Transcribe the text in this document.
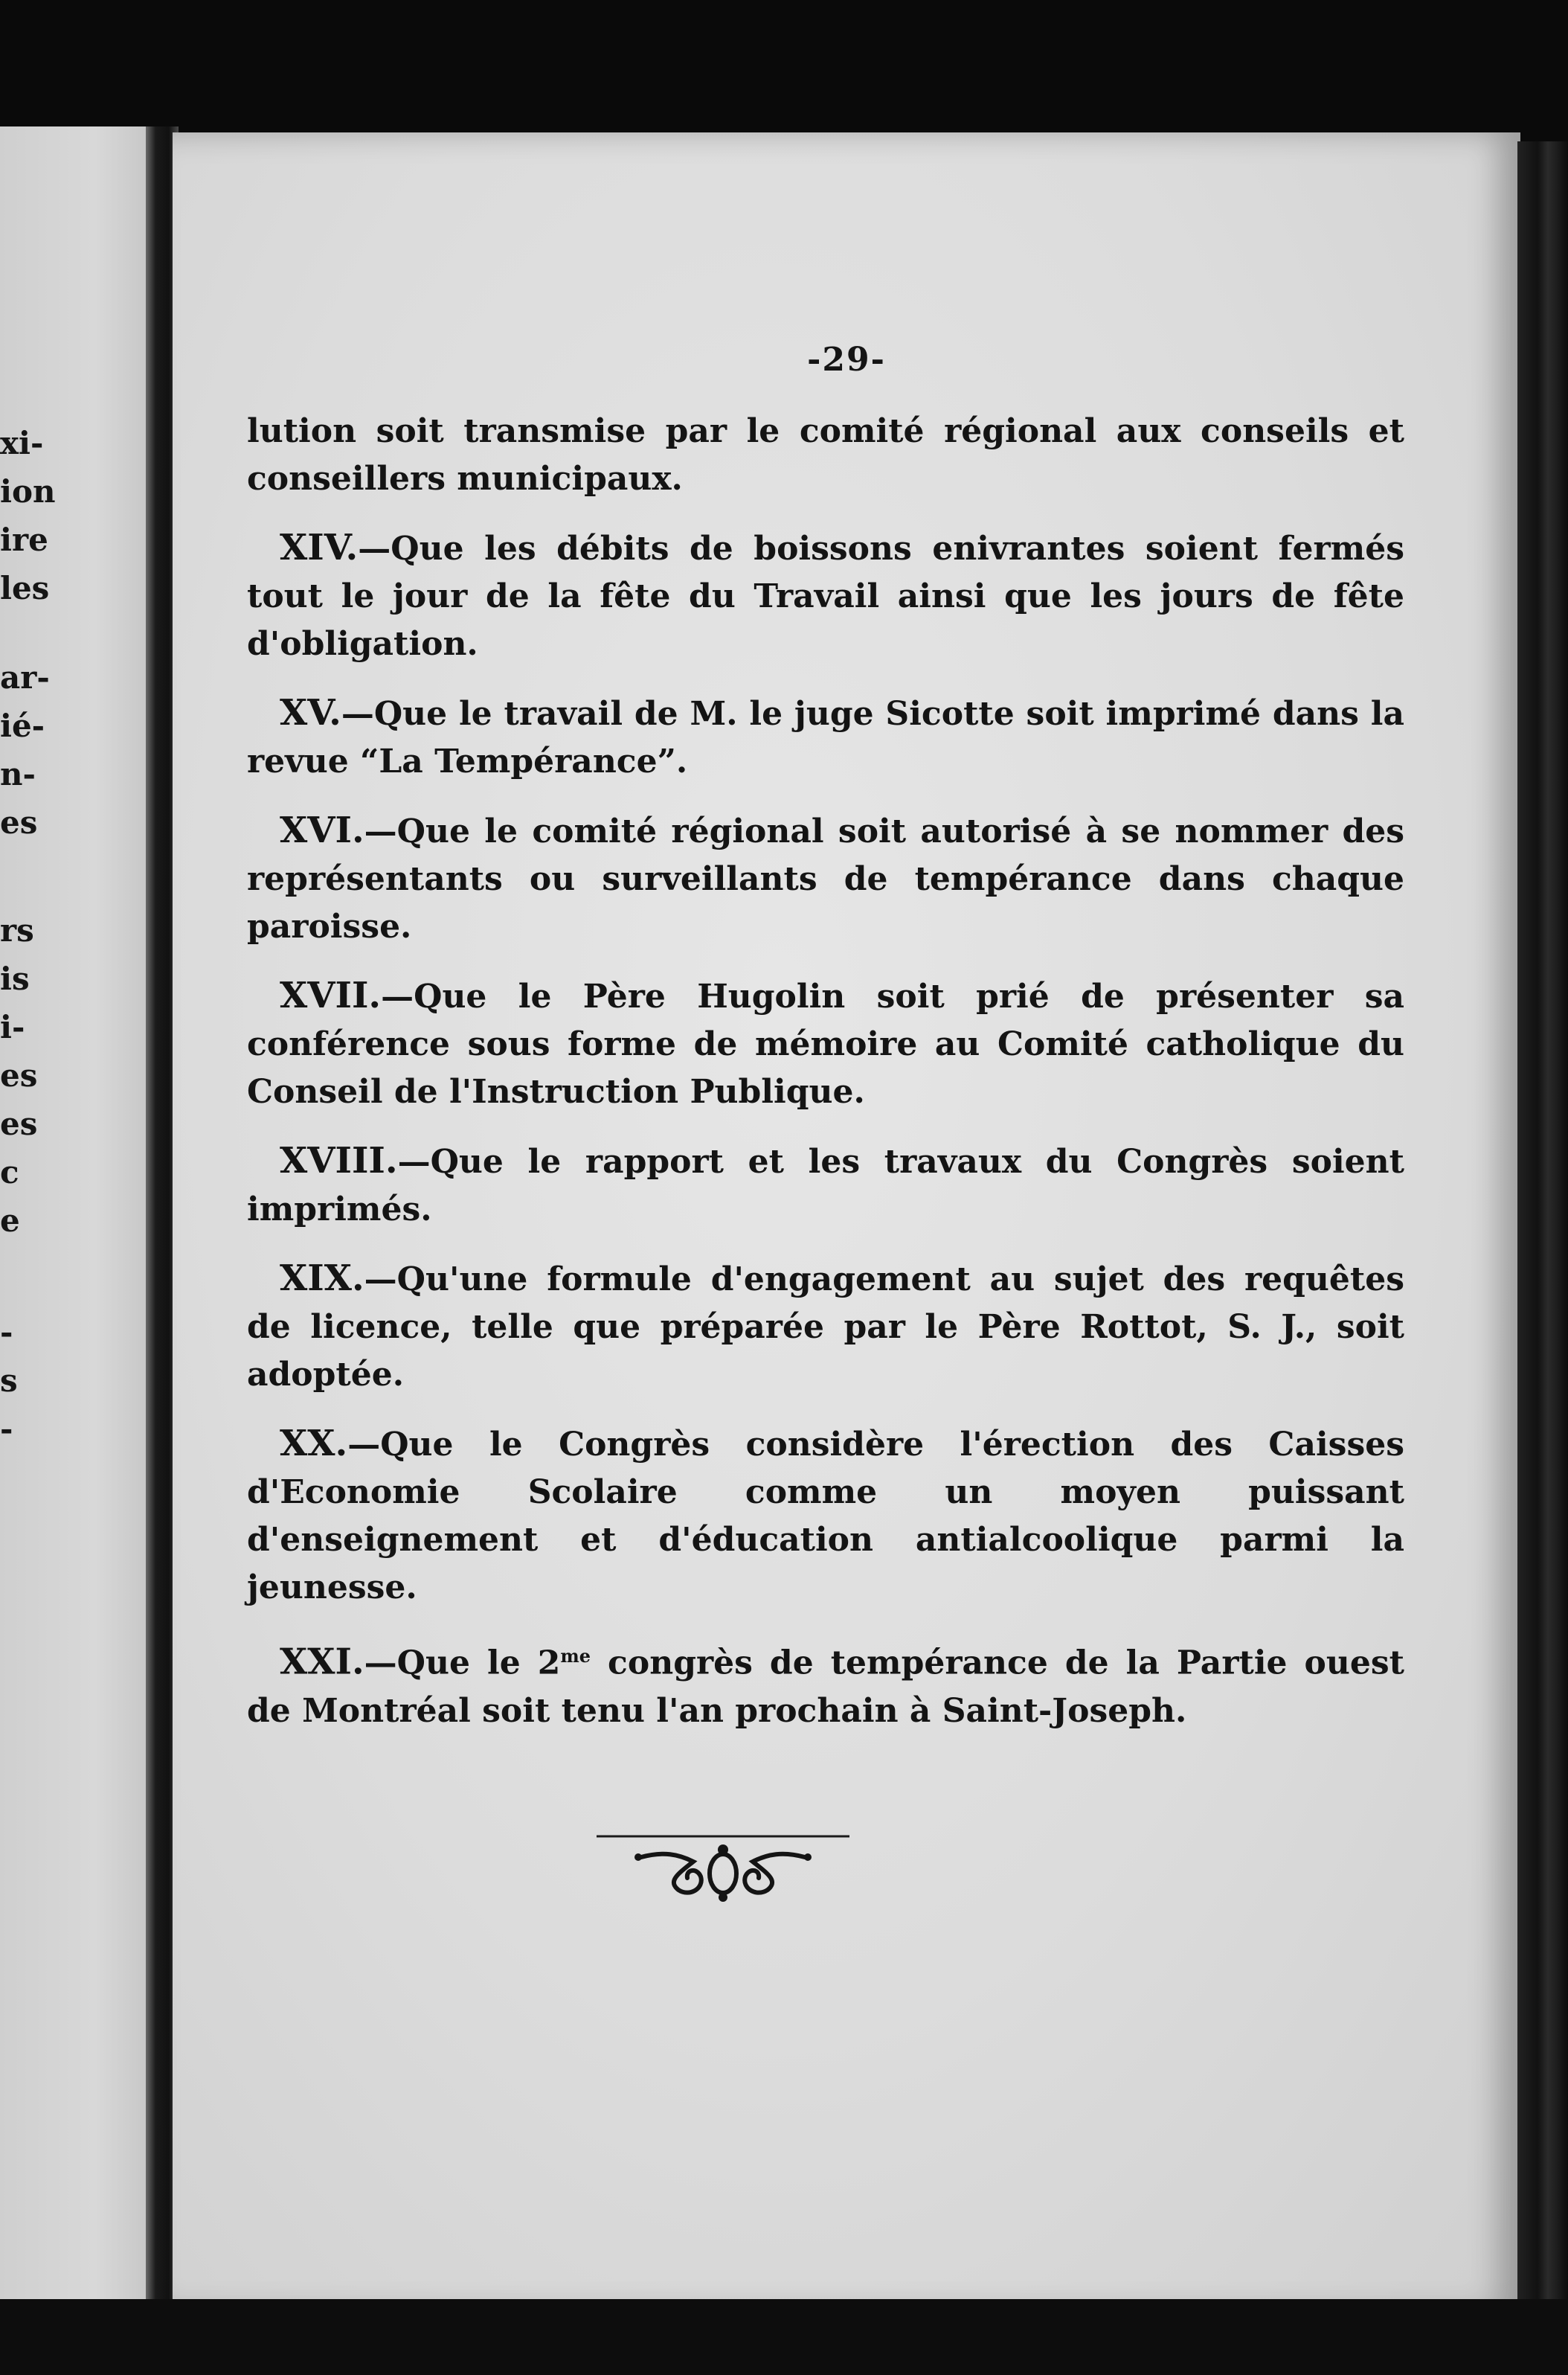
xi-
ion
ire
les
ar-
ié-
n-
es
rs
is
i-
es
es
c
e
-
s
-
-29-

lution soit transmise par le comité régional aux conseils et conseillers municipaux.

XIV.—Que les débits de boissons enivrantes soient fermés tout le jour de la fête du Travail ainsi que les jours de fête d'obligation.

XV.—Que le travail de M. le juge Sicotte soit imprimé dans la revue “La Tempérance”.

XVI.—Que le comité régional soit autorisé à se nommer des représentants ou surveillants de tempérance dans chaque paroisse.

XVII.—Que le Père Hugolin soit prié de présenter sa conférence sous forme de mémoire au Comité catholique du Conseil de l'Instruction Publique.

XVIII.—Que le rapport et les travaux du Congrès soient imprimés.

XIX.—Qu'une formule d'engagement au sujet des requêtes de licence, telle que préparée par le Père Rottot, S. J., soit adoptée.

XX.—Que le Congrès considère l'érection des Caisses d'Economie Scolaire comme un moyen puissant d'enseignement et d'éducation antialcoolique parmi la jeunesse.

XXI.—Que le $2^{me}$ congrès de tempérance de la Partie ouest de Montréal soit tenu l'an prochain à Saint-Joseph.
